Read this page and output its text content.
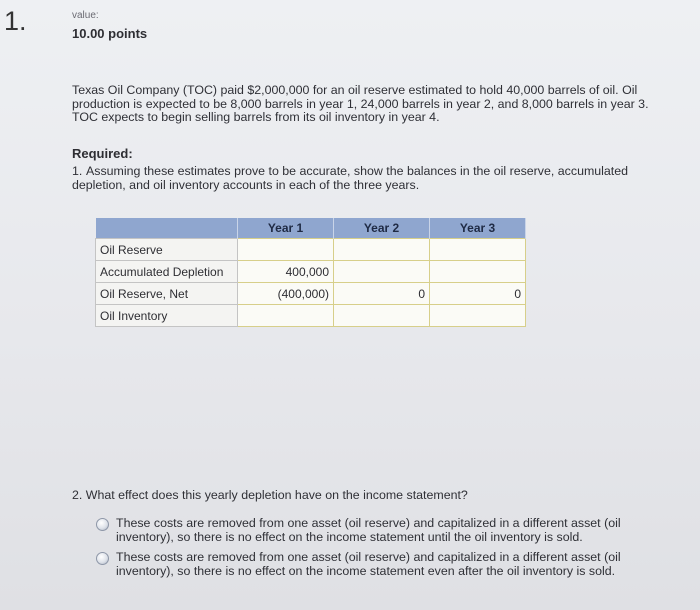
1.	value:
10.00 points
Texas Oil Company (TOC) paid $2,000,000 for an oil reserve estimated to hold 40,000 barrels of oil. Oil production is expected to be 8,000 barrels in year 1, 24,000 barrels in year 2, and 8,000 barrels in year 3. TOC expects to begin selling barrels from its oil inventory in year 4.
Required:
1. Assuming these estimates prove to be accurate, show the balances in the oil reserve, accumulated depletion, and oil inventory accounts in each of the three years.
	Year 1	Year 2	Year 3
Oil Reserve			
Accumulated Depletion	400,000		
Oil Reserve, Net	(400,000)	0	0
Oil Inventory			
2. What effect does this yearly depletion have on the income statement?
These costs are removed from one asset (oil reserve) and capitalized in a different asset (oil inventory), so there is no effect on the income statement until the oil inventory is sold.
These costs are removed from one asset (oil reserve) and capitalized in a different asset (oil inventory), so there is no effect on the income statement even after the oil inventory is sold.
